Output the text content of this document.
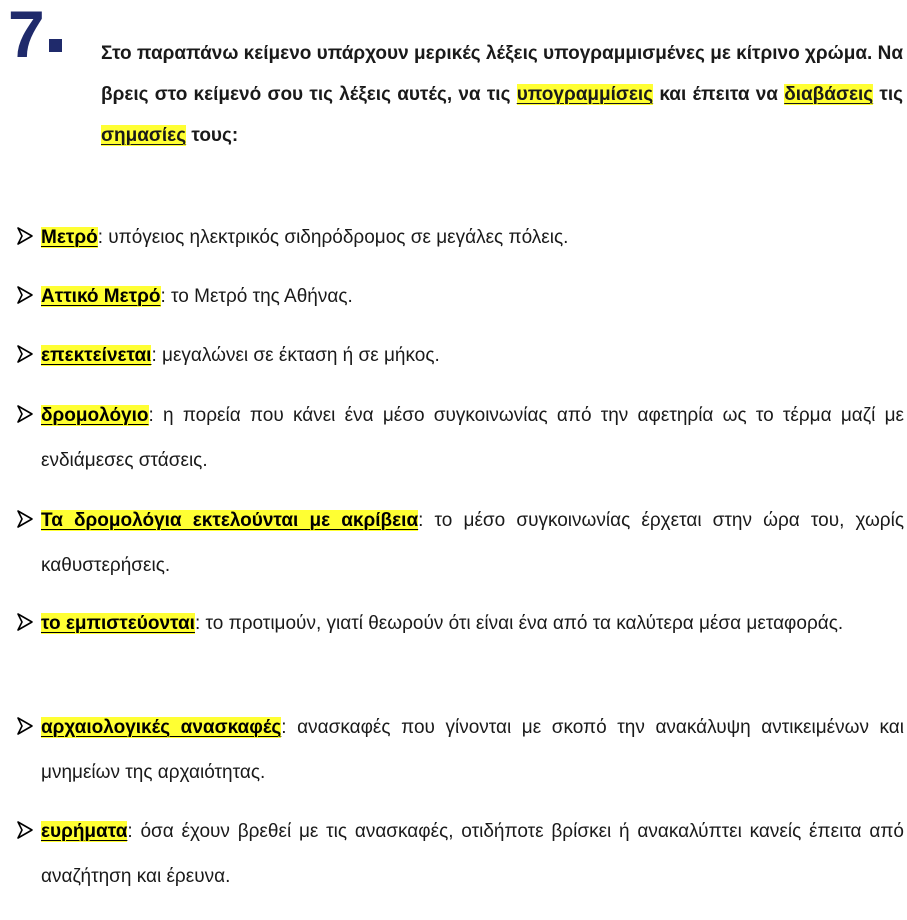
7	Στο παραπάνω κείμενο υπάρχουν μερικές λέξεις υπογραμμισμένες με κίτρινο χρώμα. Να βρεις στο κείμενό σου τις λέξεις αυτές, να τις υπογραμμίσεις και έπειτα να διαβάσεις τις σημασίες τους:
Μετρό: υπόγειος ηλεκτρικός σιδηρόδρομος σε μεγάλες πόλεις.
Αττικό Μετρό: το Μετρό της Αθήνας.
επεκτείνεται: μεγαλώνει σε έκταση ή σε μήκος.
δρομολόγιο: η πορεία που κάνει ένα μέσο συγκοινωνίας από την αφετηρία ως το τέρμα μαζί με ενδιάμεσες στάσεις.
Τα δρομολόγια εκτελούνται με ακρίβεια: το μέσο συγκοινωνίας έρχεται στην ώρα του, χωρίς καθυστερήσεις.
το εμπιστεύονται: το προτιμούν, γιατί θεωρούν ότι είναι ένα από τα καλύτερα μέσα μεταφοράς.
αρχαιολογικές ανασκαφές: ανασκαφές που γίνονται με σκοπό την ανακάλυψη αντικειμένων και μνημείων της αρχαιότητας.
ευρήματα: όσα έχουν βρεθεί με τις ανασκαφές, οτιδήποτε βρίσκει ή ανακαλύπτει κανείς έπειτα από αναζήτηση και έρευνα.
